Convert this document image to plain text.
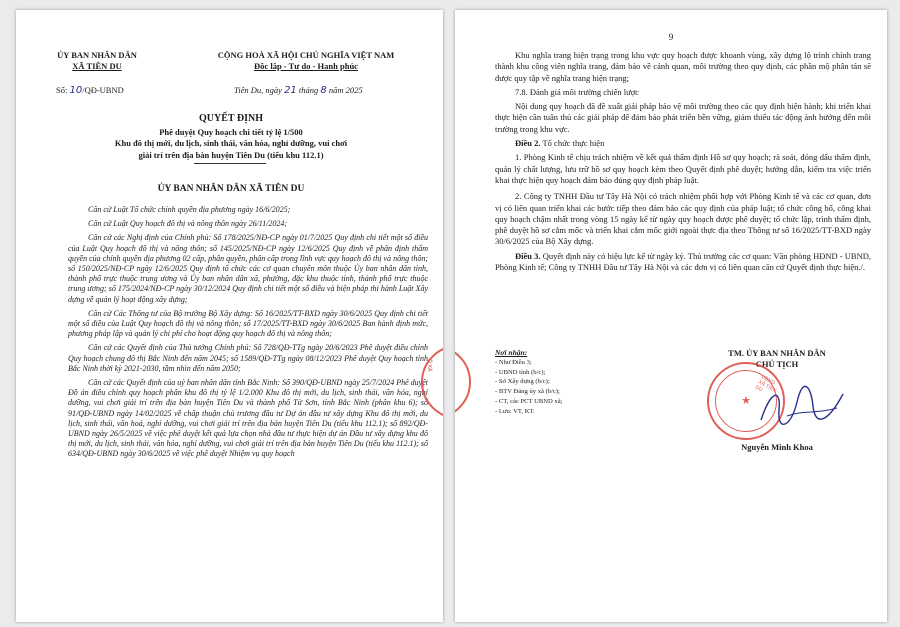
ỦY BAN NHÂN DÂN
XÃ TIÊN DU
CỘNG HOÀ XÃ HỘI CHỦ NGHĨA VIỆT NAM
Độc lập - Tự do - Hạnh phúc
Số: 10/QĐ-UBND	Tiên Du, ngày 21 tháng 8 năm 2025
QUYẾT ĐỊNH
Phê duyệt Quy hoạch chi tiết tỷ lệ 1/500
Khu đô thị mới, du lịch, sinh thái, văn hóa, nghỉ dưỡng, vui chơi
giải trí trên địa bàn huyện Tiên Du (tiểu khu 112.1)
ỦY BAN NHÂN DÂN XÃ TIÊN DU

Căn cứ Luật Tổ chức chính quyền địa phương ngày 16/6/2025;

Căn cứ Luật Quy hoạch đô thị và nông thôn ngày 26/11/2024;

Căn cứ các Nghị định của Chính phủ: Số 178/2025/NĐ-CP ngày 01/7/2025 Quy định chi tiết một số điều của Luật Quy hoạch đô thị và nông thôn; số 145/2025/NĐ-CP ngày 12/6/2025 Quy định về phân định thẩm quyền của chính quyền địa phương 02 cấp, phân quyền, phân cấp trong lĩnh vực quy hoạch đô thị và nông thôn; số 150/2025/NĐ-CP ngày 12/6/2025 Quy định tổ chức các cơ quan chuyên môn thuộc Ủy ban nhân dân tỉnh, thành phố trực thuộc trung ương và Ủy ban nhân dân xã, phường, đặc khu thuộc tỉnh, thành phố trực thuộc trung ương; số 175/2024/NĐ-CP ngày 30/12/2024 Quy định chi tiết một số điều và biện pháp thi hành Luật Xây dựng về quản lý hoạt động xây dựng;

Căn cứ Các Thông tư của Bộ trưởng Bộ Xây dựng: Số 16/2025/TT-BXD ngày 30/6/2025 Quy định chi tiết một số điều của Luật Quy hoạch đô thị và nông thôn; số 17/2025/TT-BXD ngày 30/6/2025 Ban hành định mức, phương pháp lập và quản lý chi phí cho hoạt động quy hoạch đô thị và nông thôn;

Căn cứ các Quyết định của Thủ tướng Chính phủ: Số 728/QĐ-TTg ngày 20/6/2023 Phê duyệt điều chỉnh Quy hoạch chung đô thị Bắc Ninh đến năm 2045; số 1589/QĐ-TTg ngày 08/12/2023 Phê duyệt Quy hoạch tỉnh Bắc Ninh thời kỳ 2021-2030, tầm nhìn đến năm 2050;

Căn cứ các Quyết định của uỷ ban nhân dân tỉnh Bắc Ninh: Số 390/QĐ-UBND ngày 25/7/2024 Phê duyệt Đồ án điều chỉnh quy hoạch phân khu đô thị tỷ lệ 1/2.000 Khu đô thị mới, du lịch, sinh thái, văn hóa, nghỉ dưỡng, vui chơi giải trí trên địa bàn huyện Tiên Du và thành phố Từ Sơn, tỉnh Bắc Ninh (phân khu 6); số 91/QĐ-UBND ngày 14/02/2025 về chấp thuận chủ trương đầu tư Dự án đầu tư xây dựng Khu đô thị mới, du lịch, sinh thái, văn hoá, nghỉ dưỡng, vui chơi giải trí trên địa bàn huyện Tiên Du (tiểu khu 112.1); số 892/QĐ-UBND ngày 26/5/2025 về việc phê duyệt kết quả lựa chọn nhà đầu tư thực hiện dự án Đầu tư xây dựng khu đô thị mới, du lịch, sinh thái, văn hóa, nghỉ dưỡng, vui chơi giải trí trên địa bàn huyện Tiên Du (tiểu khu 112.1); số 634/QĐ-UBND ngày 30/6/2025 về việc phê duyệt Nhiệm vụ quy hoạch

9

Khu nghĩa trang hiện trạng trong khu vực quy hoạch được khoanh vùng, xây dựng lộ trình chỉnh trang thành khu công viên nghĩa trang, đảm bảo về cảnh quan, môi trường theo quy định, các phần mộ phân tán sẽ được quy tập về nghĩa trang hiện trạng;

7.8. Đánh giá môi trường chiến lược

Nội dung quy hoạch đã đề xuất giải pháp bảo vệ môi trường theo các quy định hiện hành; khi triển khai thực hiện cần tuân thủ các giải pháp để đảm bảo phát triển bền vững, giảm thiểu tác động ảnh hưởng đến môi trường trong khu vực.

Điều 2. Tổ chức thực hiện

1. Phòng Kinh tế chịu trách nhiệm về kết quả thẩm định Hồ sơ quy hoạch; rà soát, đóng dấu thẩm định, quản lý chất lượng, lưu trữ hồ sơ quy hoạch kèm theo Quyết định phê duyệt; hướng dẫn, kiểm tra việc triển khai thực hiện quy hoạch đảm bảo đúng quy định pháp luật.

2. Công ty TNHH Đầu tư Tây Hà Nội có trách nhiệm phối hợp với Phòng Kinh tế và các cơ quan, đơn vị có liên quan triển khai các bước tiếp theo đảm bảo các quy định của pháp luật; tổ chức công bố, công khai quy hoạch chậm nhất trong vòng 15 ngày kể từ ngày quy hoạch được phê duyệt; tổ chức lập, trình thẩm định, phê duyệt hồ sơ cắm mốc và triển khai cắm mốc giới ngoài thực địa theo Thông tư số 16/2025/TT-BXD ngày 30/6/2025 của Bộ Xây dựng.

Điều 3. Quyết định này có hiệu lực kể từ ngày ký. Thủ trưởng các cơ quan: Văn phòng HĐND - UBND, Phòng Kinh tế; Công ty TNHH Đầu tư Tây Hà Nội và các đơn vị có liên quan căn cứ Quyết định thực hiện./.

Nơi nhận:
- Như Điều 3;
- UBND tỉnh (b/c);
- Sở Xây dựng (b/c);
- BTV Đảng ủy xã (b/c);
- CT, các PCT UBND xã;
- Lưu: VT, KT.
TM. ỦY BAN NHÂN DÂN
CHỦ TỊCH
★
UBND XÃ TIÊN DU
Nguyễn Minh Khoa
Ô XÃ
